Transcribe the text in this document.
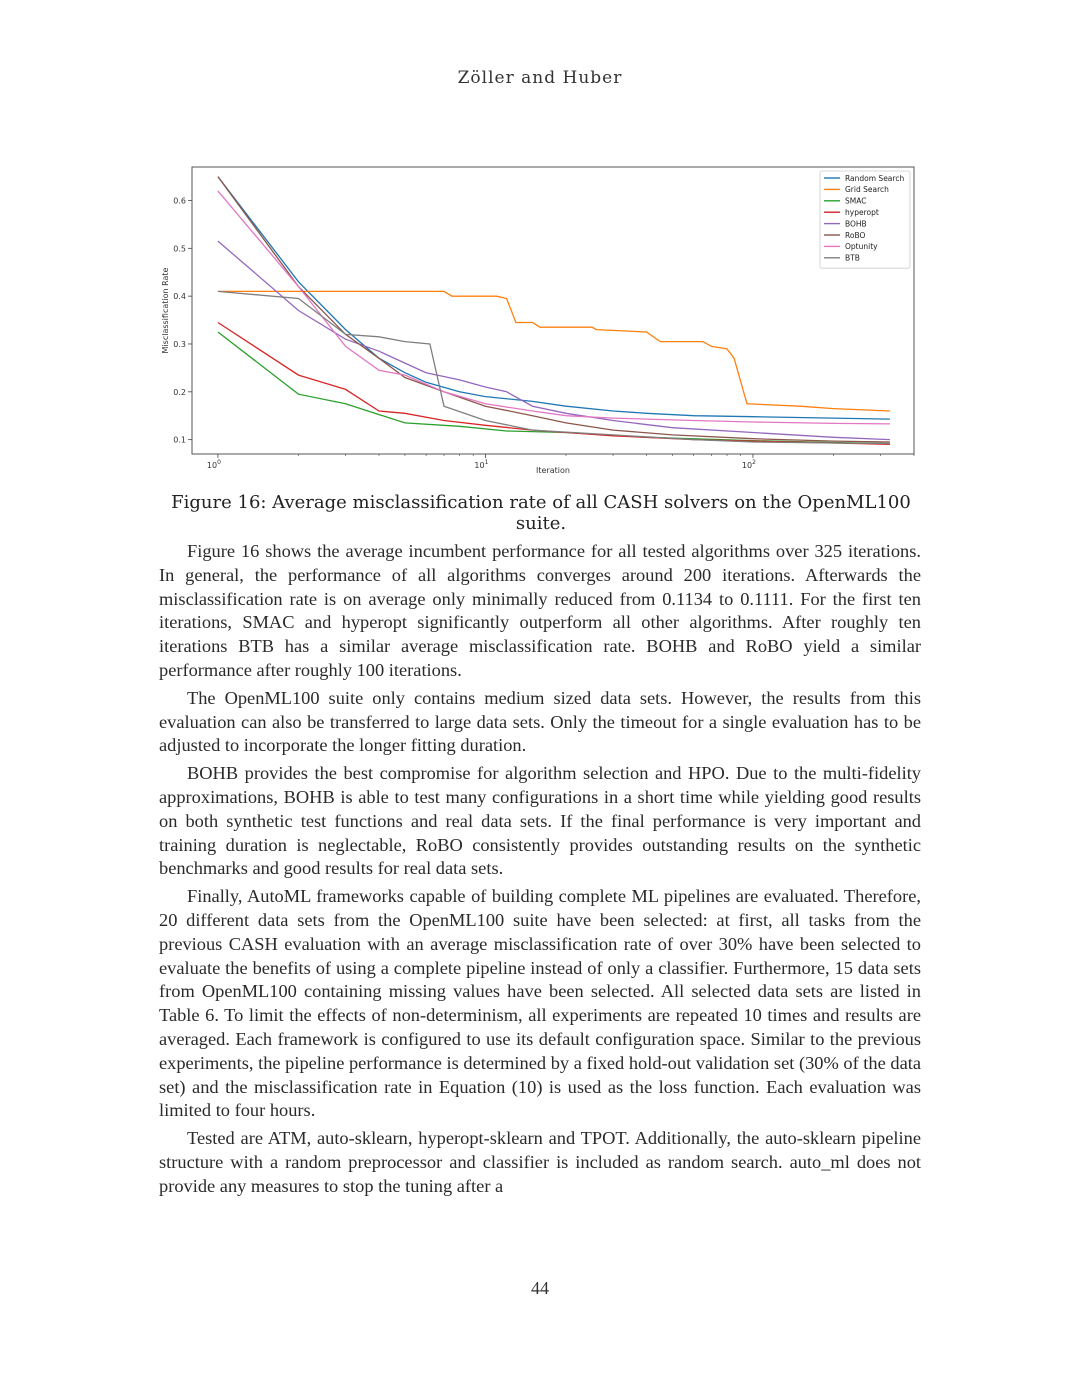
Zöller and Huber
0.1
0.2
0.3
0.4
0.5
0.6
$10^0$	$10^1$	$10^2$
Iteration
Misclassification Rate
Random Search
Grid Search
SMAC
hyperopt
BOHB
RoBO
Optunity
BTB
Figure 16: Average misclassification rate of all CASH solvers on the OpenML100 suite.

Figure 16 shows the average incumbent performance for all tested algorithms over 325 iterations. In general, the performance of all algorithms converges around 200 iterations. Afterwards the misclassification rate is on average only minimally reduced from 0.1134 to 0.1111. For the first ten iterations, SMAC and hyperopt significantly outperform all other algorithms. After roughly ten iterations BTB has a similar average misclassification rate. BOHB and RoBO yield a similar performance after roughly 100 iterations.

The OpenML100 suite only contains medium sized data sets. However, the results from this evaluation can also be transferred to large data sets. Only the timeout for a single evaluation has to be adjusted to incorporate the longer fitting duration.

BOHB provides the best compromise for algorithm selection and HPO. Due to the multi-fidelity approximations, BOHB is able to test many configurations in a short time while yielding good results on both synthetic test functions and real data sets. If the final performance is very important and training duration is neglectable, RoBO consistently provides outstanding results on the synthetic benchmarks and good results for real data sets.

Finally, AutoML frameworks capable of building complete ML pipelines are evaluated. Therefore, 20 different data sets from the OpenML100 suite have been selected: at first, all tasks from the previous CASH evaluation with an average misclassification rate of over 30% have been selected to evaluate the benefits of using a complete pipeline instead of only a classifier. Furthermore, 15 data sets from OpenML100 containing missing values have been selected. All selected data sets are listed in Table 6. To limit the effects of non-determinism, all experiments are repeated 10 times and results are averaged. Each framework is configured to use its default configuration space. Similar to the previous experiments, the pipeline performance is determined by a fixed hold-out validation set (30% of the data set) and the misclassification rate in Equation (10) is used as the loss function. Each evaluation was limited to four hours.

Tested are ATM, auto-sklearn, hyperopt-sklearn and TPOT. Additionally, the auto-sklearn pipeline structure with a random preprocessor and classifier is included as random search. auto_ml does not provide any measures to stop the tuning after a

44
